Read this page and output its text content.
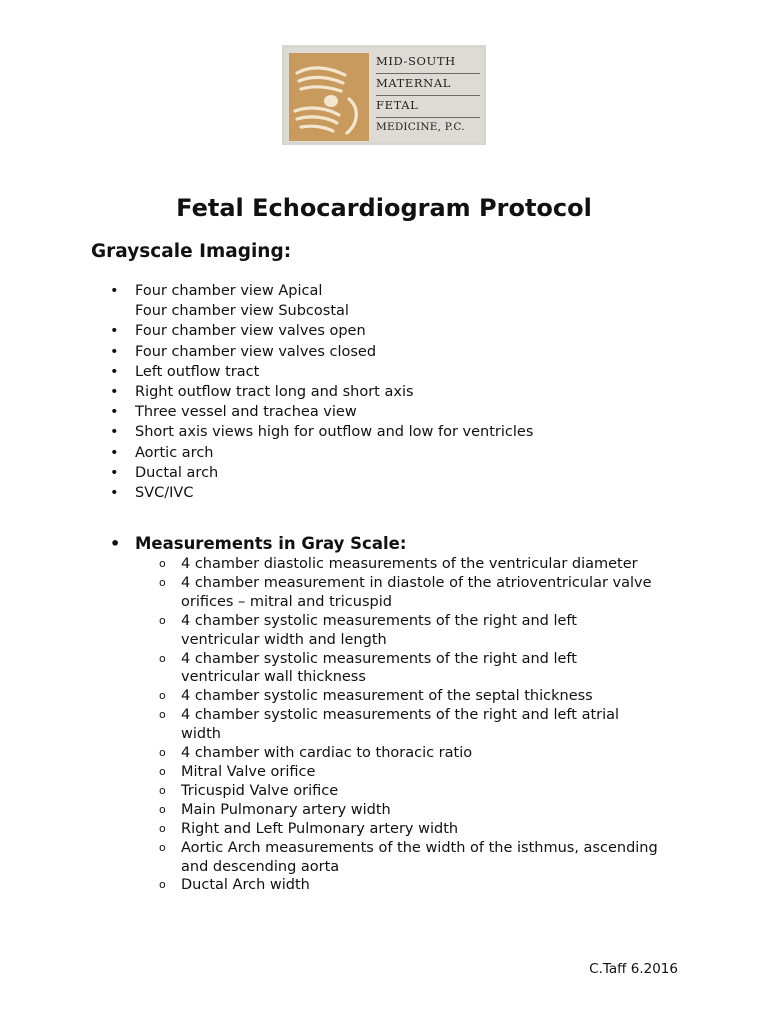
MID-SOUTH
MATERNAL
FETAL
MEDICINE, P.C.
Fetal Echocardiogram Protocol
Grayscale Imaging:
• Four chamber view Apical
Four chamber view Subcostal
• Four chamber view valves open
• Four chamber view valves closed
• Left outflow tract
• Right outflow tract long and short axis
• Three vessel and trachea view
• Short axis views high for outflow and low for ventricles
• Aortic arch
• Ductal arch
• SVC/IVC
• Measurements in Gray Scale:
o 4 chamber diastolic measurements of the ventricular diameter
o 4 chamber measurement in diastole of the atrioventricular valve
orifices – mitral and tricuspid
o 4 chamber systolic measurements of the right and left
ventricular width and length
o 4 chamber systolic measurements of the right and left
ventricular wall thickness
o 4 chamber systolic measurement of the septal thickness
o 4 chamber systolic measurements of the right and left atrial
width
o 4 chamber with cardiac to thoracic ratio
o Mitral Valve orifice
o Tricuspid Valve orifice
o Main Pulmonary artery width
o Right and Left Pulmonary artery width
o Aortic Arch measurements of the width of the isthmus, ascending
and descending aorta
o Ductal Arch width
C.Taff 6.2016
